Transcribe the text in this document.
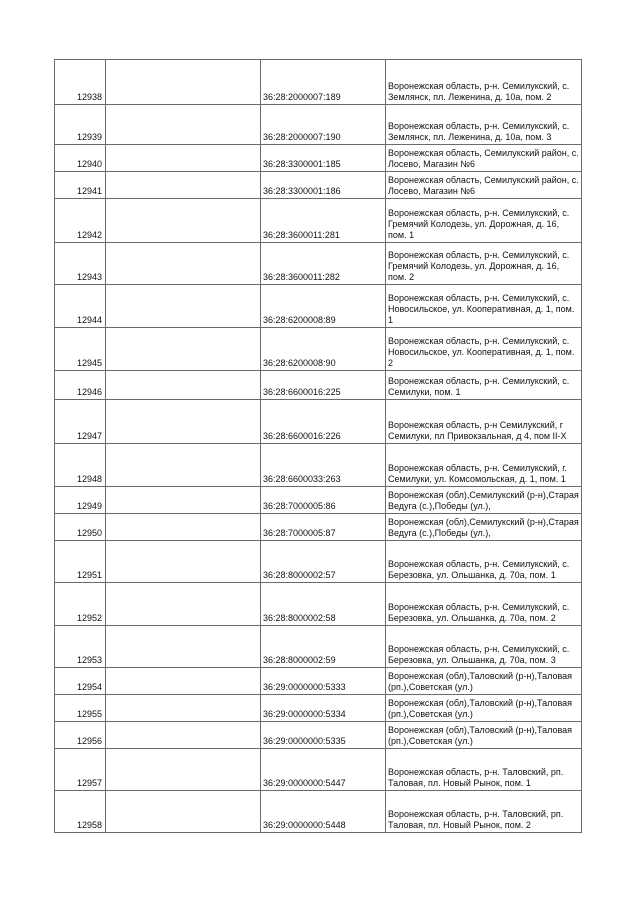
12938		36:28:2000007:189	Воронежская область, р-н. Семилукский, с. Землянск, пл. Леженина, д. 10а, пом. 2
12939		36:28:2000007:190	Воронежская область, р-н. Семилукский, с. Землянск, пл. Леженина, д. 10а, пом. 3
12940		36:28:3300001:185	Воронежская область, Семилукский район, с. Лосево, Магазин №6
12941		36:28:3300001:186	Воронежская область, Семилукский район, с. Лосево, Магазин №6
12942		36:28:3600011:281	Воронежская область, р-н. Семилукский, с. Гремячий Колодезь, ул. Дорожная, д. 16, пом. 1
12943		36:28:3600011:282	Воронежская область, р-н. Семилукский, с. Гремячий Колодезь, ул. Дорожная, д. 16, пом. 2
12944		36:28:6200008:89	Воронежская область, р-н. Семилукский, с. Новосильское, ул. Кооперативная, д. 1, пом. 1
12945		36:28:6200008:90	Воронежская область, р-н. Семилукский, с. Новосильское, ул. Кооперативная, д. 1, пом. 2
12946		36:28:6600016:225	Воронежская область, р-н. Семилукский, с. Семилуки, пом. 1
12947		36:28:6600016:226	Воронежская область, р-н Семилукский, г Семилуки, пл Привокзальная, д 4, пом II-X
12948		36:28:6600033:263	Воронежская область, р-н. Семилукский, г. Семилуки, ул. Комсомольская, д. 1, пом. 1
12949		36:28:7000005:86	Воронежская (обл),Семилукский (р-н),Старая Ведуга (с.),Победы (ул.),
12950		36:28:7000005:87	Воронежская (обл),Семилукский (р-н),Старая Ведуга (с.),Победы (ул.),
12951		36:28:8000002:57	Воронежская область, р-н. Семилукский, с. Березовка, ул. Ольшанка, д. 70а, пом. 1
12952		36:28:8000002:58	Воронежская область, р-н. Семилукский, с. Березовка, ул. Ольшанка, д. 70а, пом. 2
12953		36:28:8000002:59	Воронежская область, р-н. Семилукский, с. Березовка, ул. Ольшанка, д. 70а, пом. 3
12954		36:29:0000000:5333	Воронежская (обл),Таловский (р-н),Таловая (рп.),Советская (ул.)
12955		36:29:0000000:5334	Воронежская (обл),Таловский (р-н),Таловая (рп.),Советская (ул.)
12956		36:29:0000000:5335	Воронежская (обл),Таловский (р-н),Таловая (рп.),Советская (ул.)
12957		36:29:0000000:5447	Воронежская область, р-н. Таловский, рп. Таловая, пл. Новый Рынок, пом. 1
12958		36:29:0000000:5448	Воронежская область, р-н. Таловский, рп. Таловая, пл. Новый Рынок, пом. 2
